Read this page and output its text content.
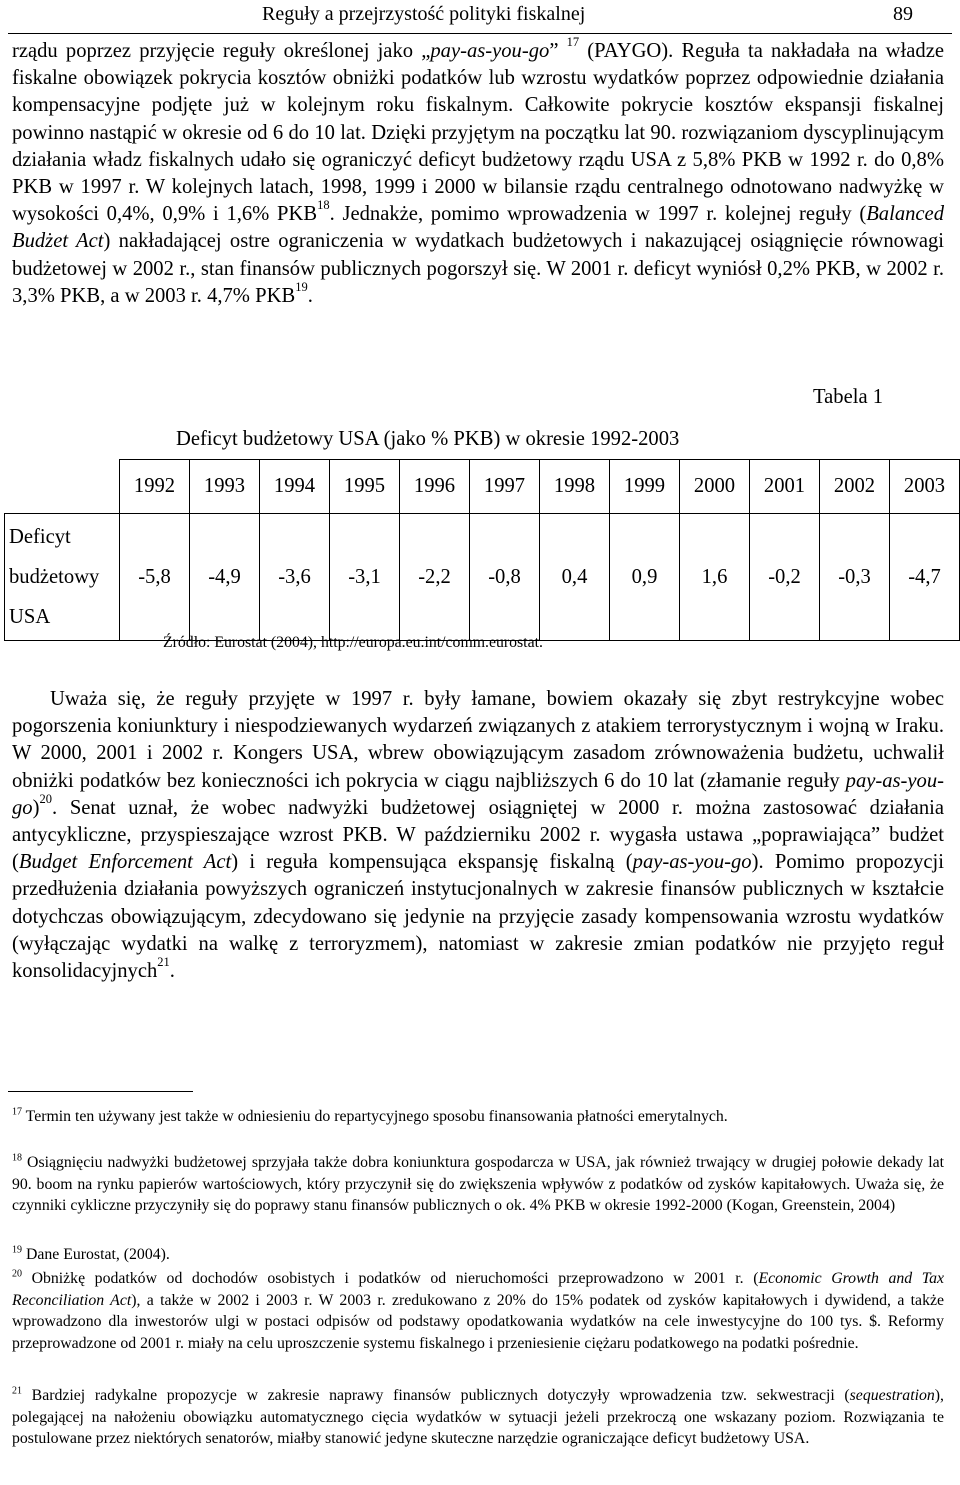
Reguły a przejrzystość polityki fiskalnej	89

rządu poprzez przyjęcie reguły określonej jako „pay-as-you-go” $^{17}$ (PAYGO). Reguła ta nakładała na władze fiskalne obowiązek pokrycia kosztów obniżki podatków lub wzrostu wydatków poprzez odpowiednie działania kompensacyjne podjęte już w kolejnym roku fiskalnym. Całkowite pokrycie kosztów ekspansji fiskalnej powinno nastąpić w okresie od 6 do 10 lat. Dzięki przyjętym na początku lat 90. rozwiązaniom dyscyplinującym działania władz fiskalnych udało się ograniczyć deficyt budżetowy rządu USA z 5,8% PKB w 1992 r. do 0,8% PKB w 1997 r. W kolejnych latach, 1998, 1999 i 2000 w bilansie rządu centralnego odnotowano nadwyżkę w wysokości 0,4%, 0,9% i 1,6% PKB$^{18}$. Jednakże, pomimo wprowadzenia w 1997 r. kolejnej reguły (Balanced Budżet Act) nakładającej ostre ograniczenia w wydatkach budżetowych i nakazującej osiągnięcie równowagi budżetowej w 2002 r., stan finansów publicznych pogorszył się. W 2001 r. deficyt wyniósł 0,2% PKB, w 2002 r. 3,3% PKB, a w 2003 r. 4,7% PKB$^{19}$.

Tabela 1
Deficyt budżetowy USA (jako % PKB) w okresie 1992-2003
	1992	1993	1994	1995	1996	1997	1998	1999	2000	2001	2002	2003
Deficyt
budżetowy
USA	-5,8	-4,9	-3,6	-3,1	-2,2	-0,8	0,4	0,9	1,6	-0,2	-0,3	-4,7
Źródło: Eurostat (2004), http://europa.eu.int/comm.eurostat.

Uważa się, że reguły przyjęte w 1997 r. były łamane, bowiem okazały się zbyt restrykcyjne wobec pogorszenia koniunktury i niespodziewanych wydarzeń związanych z atakiem terrorystycznym i wojną w Iraku. W 2000, 2001 i 2002 r. Kongers USA, wbrew obowiązującym zasadom zrównoważenia budżetu, uchwalił obniżki podatków bez konieczności ich pokrycia w ciągu najbliższych 6 do 10 lat (złamanie reguły pay-as-you-go)$^{20}$. Senat uznał, że wobec nadwyżki budżetowej osiągniętej w 2000 r. można zastosować działania antycykliczne, przyspieszające wzrost PKB. W październiku 2002 r. wygasła ustawa „poprawiająca” budżet (Budget Enforcement Act) i reguła kompensująca ekspansję fiskalną (pay-as-you-go). Pomimo propozycji przedłużenia działania powyższych ograniczeń instytucjonalnych w zakresie finansów publicznych w kształcie dotychczas obowiązującym, zdecydowano się jedynie na przyjęcie zasady kompensowania wzrostu wydatków (wyłączając wydatki na walkę z terroryzmem), natomiast w zakresie zmian podatków nie przyjęto reguł konsolidacyjnych$^{21}$.

$^{17}$ Termin ten używany jest także w odniesieniu do repartycyjnego sposobu finansowania płatności emerytalnych.

$^{18}$ Osiągnięciu nadwyżki budżetowej sprzyjała także dobra koniunktura gospodarcza w USA, jak również trwający w drugiej połowie dekady lat 90. boom na rynku papierów wartościowych, który przyczynił się do zwiększenia wpływów z podatków od zysków kapitałowych. Uważa się, że czynniki cykliczne przyczyniły się do poprawy stanu finansów publicznych o ok. 4% PKB w okresie 1992-2000 (Kogan, Greenstein, 2004)

$^{19}$ Dane Eurostat, (2004).

$^{20}$ Obniżkę podatków od dochodów osobistych i podatków od nieruchomości przeprowadzono w 2001 r. (Economic Growth and Tax Reconciliation Act), a także w 2002 i 2003 r. W 2003 r. zredukowano z 20% do 15% podatek od zysków kapitałowych i dywidend, a także wprowadzono dla inwestorów ulgi w postaci odpisów od podstawy opodatkowania wydatków na cele inwestycyjne do 100 tys. $. Reformy przeprowadzone od 2001 r. miały na celu uproszczenie systemu fiskalnego i przeniesienie ciężaru podatkowego na podatki pośrednie.

$^{21}$ Bardziej radykalne propozycje w zakresie naprawy finansów publicznych dotyczyły wprowadzenia tzw. sekwestracji (sequestration), polegającej na nałożeniu obowiązku automatycznego cięcia wydatków w sytuacji jeżeli przekroczą one wskazany poziom. Rozwiązania te postulowane przez niektórych senatorów, miałby stanowić jedyne skuteczne narzędzie ograniczające deficyt budżetowy USA.
